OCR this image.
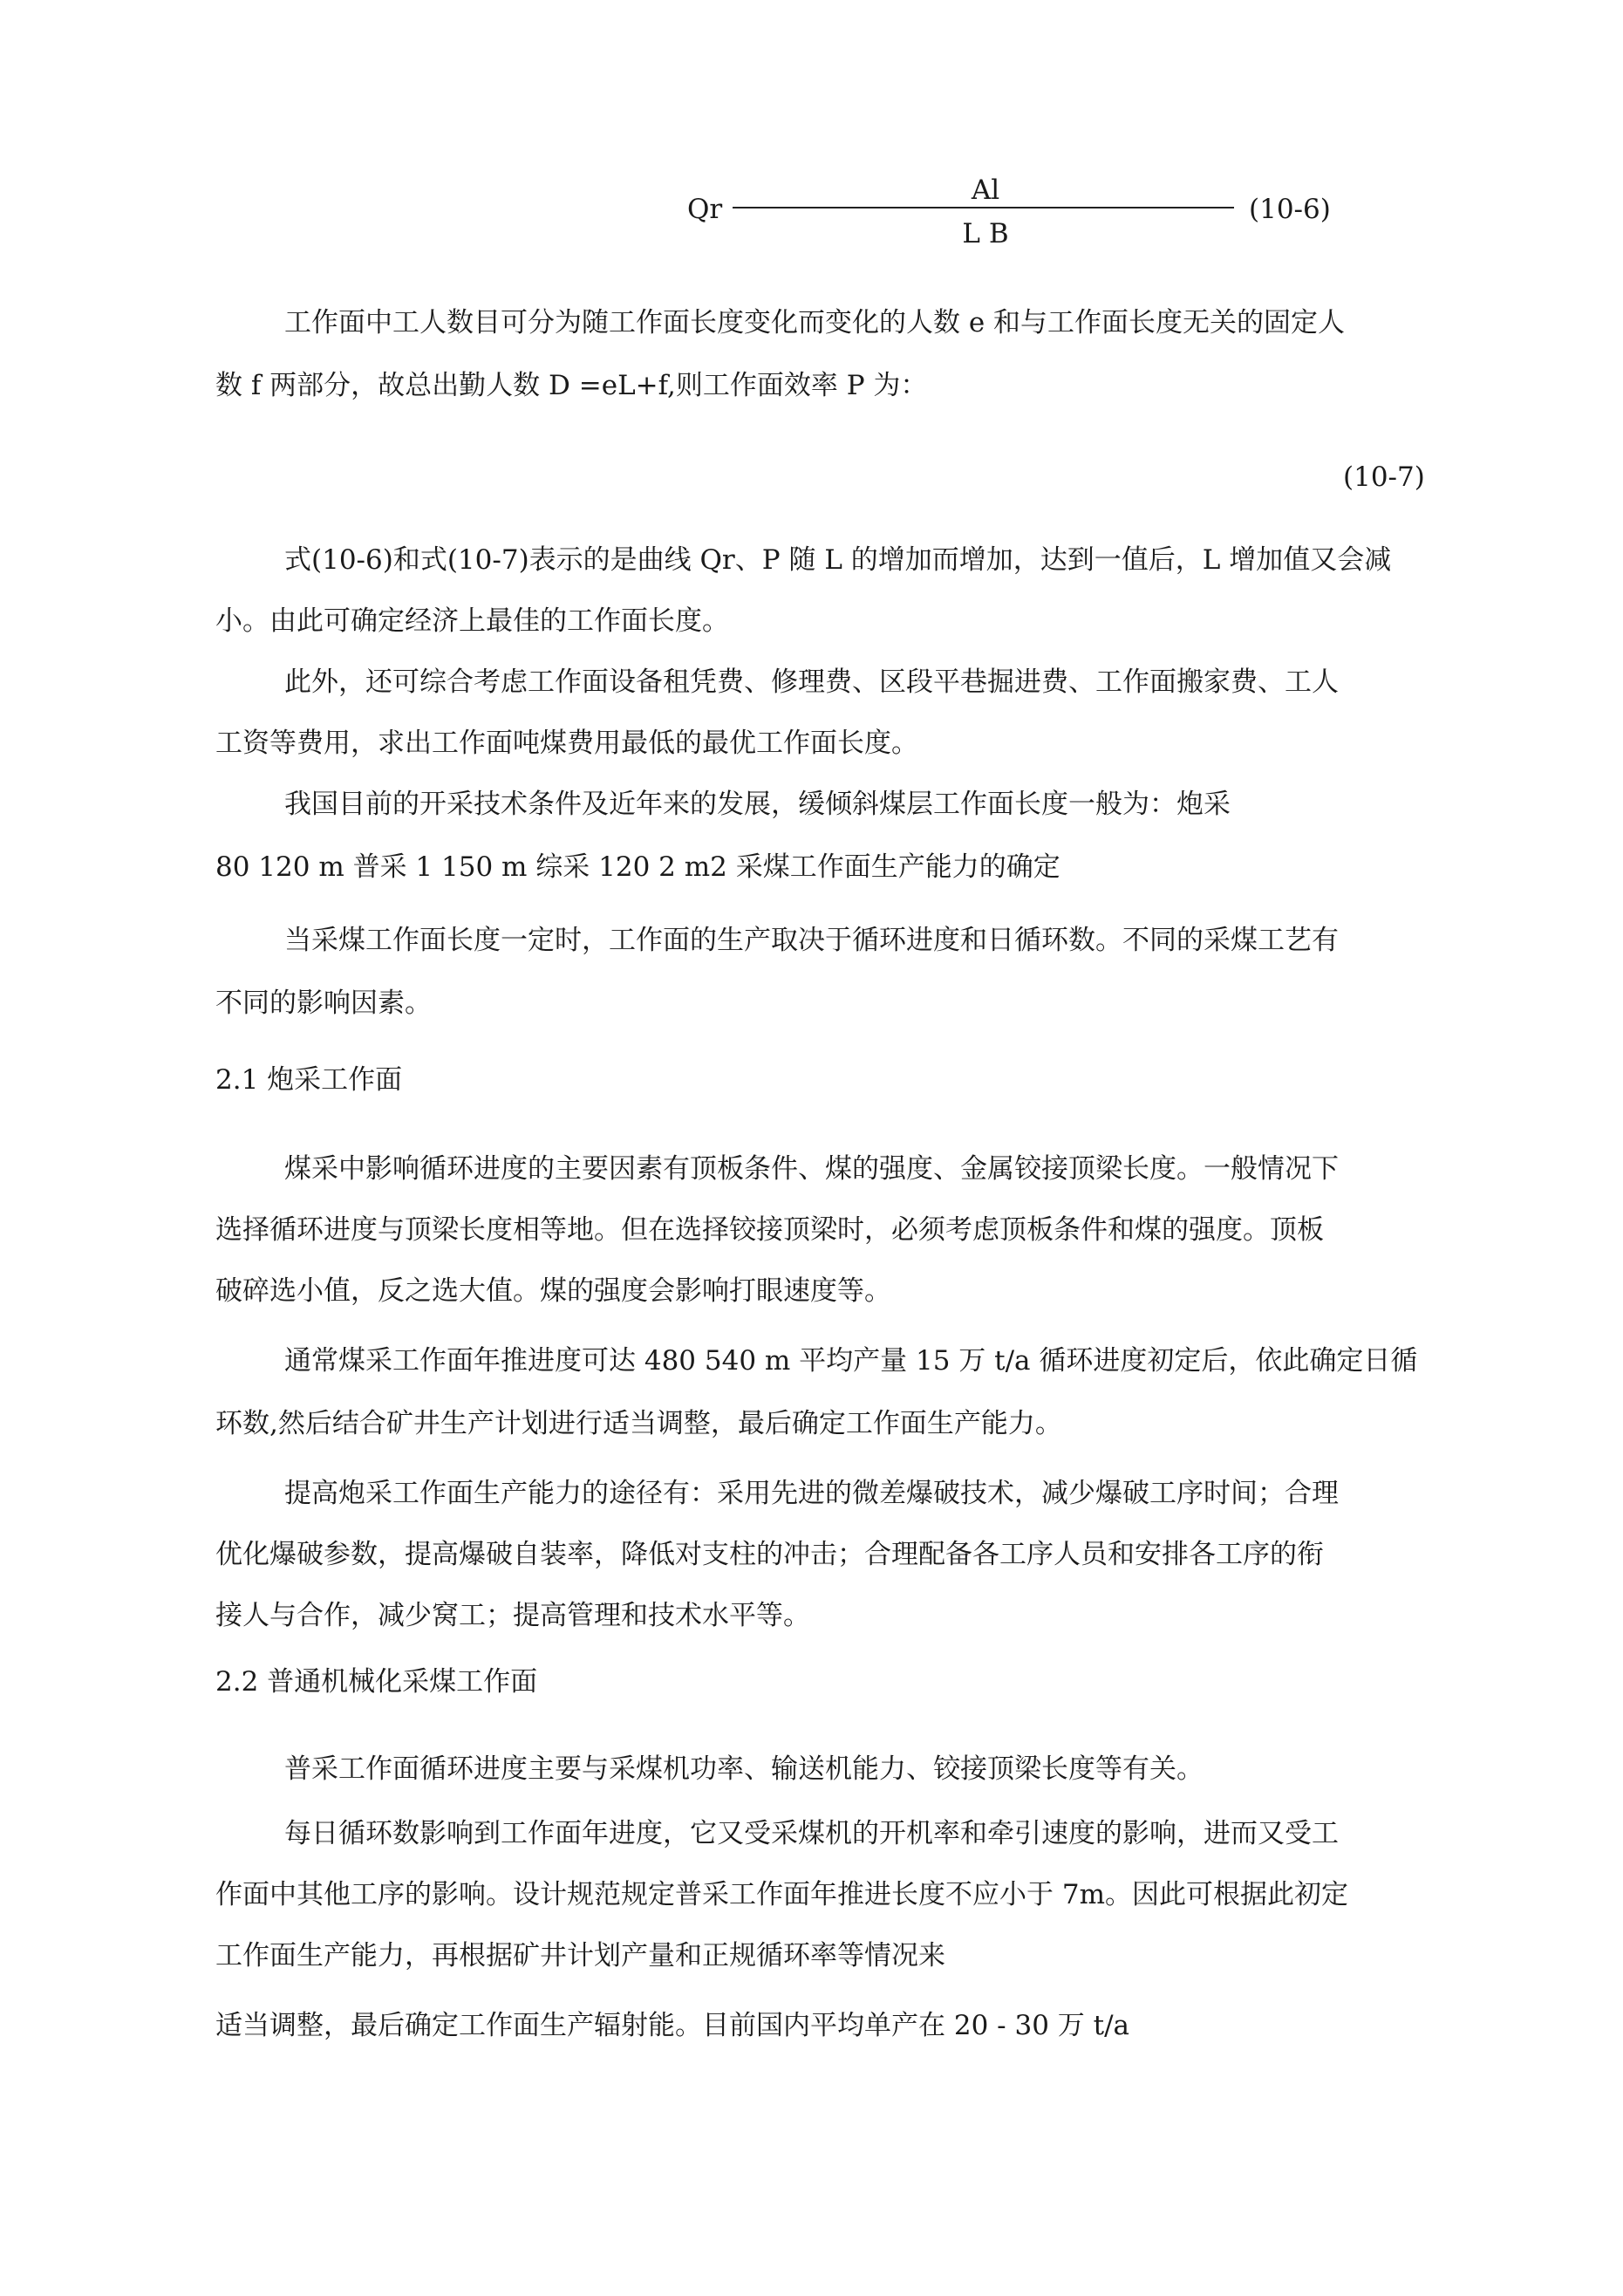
Qr
Al
L B
(10-6)
工作面中工人数目可分为随工作面长度变化而变化的人数 e 和与工作面长度无关的固定人
数 f 两部分，故总出勤人数 D =eL+f,则工作面效率 P 为：
(10-7)
式(10-6)和式(10-7)表示的是曲线 Qr、P 随 L 的增加而增加，达到一值后，L 增加值又会减
小。由此可确定经济上最佳的工作面长度。
此外，还可综合考虑工作面设备租凭费、修理费、区段平巷掘进费、工作面搬家费、工人
工资等费用，求出工作面吨煤费用最低的最优工作面长度。
我国目前的开采技术条件及近年来的发展，缓倾斜煤层工作面长度一般为：炮采
80 120 m 普采 1 150 m 综采 120 2 m2 采煤工作面生产能力的确定
当采煤工作面长度一定时，工作面的生产取决于循环进度和日循环数。不同的采煤工艺有
不同的影响因素。
2.1 炮采工作面
煤采中影响循环进度的主要因素有顶板条件、煤的强度、金属铰接顶梁长度。一般情况下
选择循环进度与顶梁长度相等地。但在选择铰接顶梁时，必须考虑顶板条件和煤的强度。顶板
破碎选小值，反之选大值。煤的强度会影响打眼速度等。
通常煤采工作面年推进度可达 480 540 m 平均产量 15 万 t/a 循环进度初定后，依此确定日循
环数,然后结合矿井生产计划进行适当调整，最后确定工作面生产能力。
提高炮采工作面生产能力的途径有：采用先进的微差爆破技术，减少爆破工序时间；合理
优化爆破参数，提高爆破自装率，降低对支柱的冲击；合理配备各工序人员和安排各工序的衔
接人与合作，减少窝工；提高管理和技术水平等。
2.2 普通机械化采煤工作面
普采工作面循环进度主要与采煤机功率、输送机能力、铰接顶梁长度等有关。
每日循环数影响到工作面年进度，它又受采煤机的开机率和牵引速度的影响，进而又受工
作面中其他工序的影响。设计规范规定普采工作面年推进长度不应小于 7m。因此可根据此初定
工作面生产能力，再根据矿井计划产量和正规循环率等情况来
适当调整，最后确定工作面生产辐射能。目前国内平均单产在 20 - 30 万 t/a
